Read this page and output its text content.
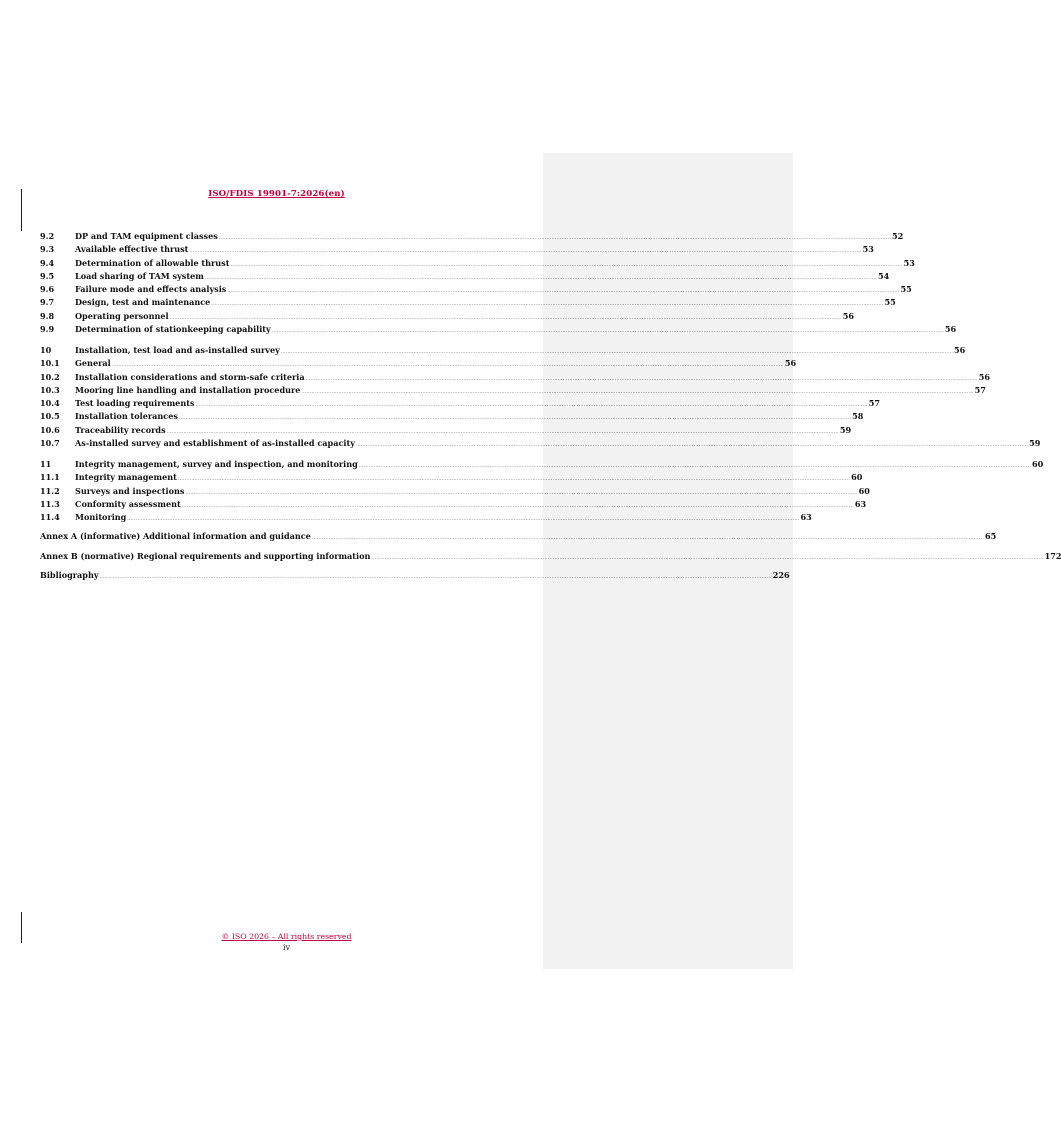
ISO/FDIS 19901-7:2026(en)
9.2	DP and TAM equipment classes ................................................................................................................................................................................................................................................................................................................................................................................................................ 52
9.3	Available effective thrust ................................................................................................................................................................................................................................................................................................................................................................................................................ 53
9.4	Determination of allowable thrust ................................................................................................................................................................................................................................................................................................................................................................................................................ 53
9.5	Load sharing of TAM system ................................................................................................................................................................................................................................................................................................................................................................................................................ 54
9.6	Failure mode and effects analysis ................................................................................................................................................................................................................................................................................................................................................................................................................ 55
9.7	Design, test and maintenance ................................................................................................................................................................................................................................................................................................................................................................................................................ 55
9.8	Operating personnel ................................................................................................................................................................................................................................................................................................................................................................................................................ 56
9.9	Determination of stationkeeping capability ................................................................................................................................................................................................................................................................................................................................................................................................................ 56
10	Installation, test load and as-installed survey ................................................................................................................................................................................................................................................................................................................................................................................................................ 56
10.1	General ................................................................................................................................................................................................................................................................................................................................................................................................................ 56
10.2	Installation considerations and storm-safe criteria ................................................................................................................................................................................................................................................................................................................................................................................................................ 56
10.3	Mooring line handling and installation procedure ................................................................................................................................................................................................................................................................................................................................................................................................................ 57
10.4	Test loading requirements ................................................................................................................................................................................................................................................................................................................................................................................................................ 57
10.5	Installation tolerances ................................................................................................................................................................................................................................................................................................................................................................................................................ 58
10.6	Traceability records ................................................................................................................................................................................................................................................................................................................................................................................................................ 59
10.7	As-installed survey and establishment of as-installed capacity ................................................................................................................................................................................................................................................................................................................................................................................................................ 59
11	Integrity management, survey and inspection, and monitoring ................................................................................................................................................................................................................................................................................................................................................................................................................ 60
11.1	Integrity management ................................................................................................................................................................................................................................................................................................................................................................................................................ 60
11.2	Surveys and inspections ................................................................................................................................................................................................................................................................................................................................................................................................................ 60
11.3	Conformity assessment ................................................................................................................................................................................................................................................................................................................................................................................................................ 63
11.4	Monitoring ................................................................................................................................................................................................................................................................................................................................................................................................................ 63
Annex A (informative) Additional information and guidance ................................................................................................................................................................................................................................................................................................................................................................................................................ 65
Annex B (normative) Regional requirements and supporting information ................................................................................................................................................................................................................................................................................................................................................................................................................ 172
Bibliography ................................................................................................................................................................................................................................................................................................................................................................................................................ 226
© ISO 2026 – All rights reserved
iv
